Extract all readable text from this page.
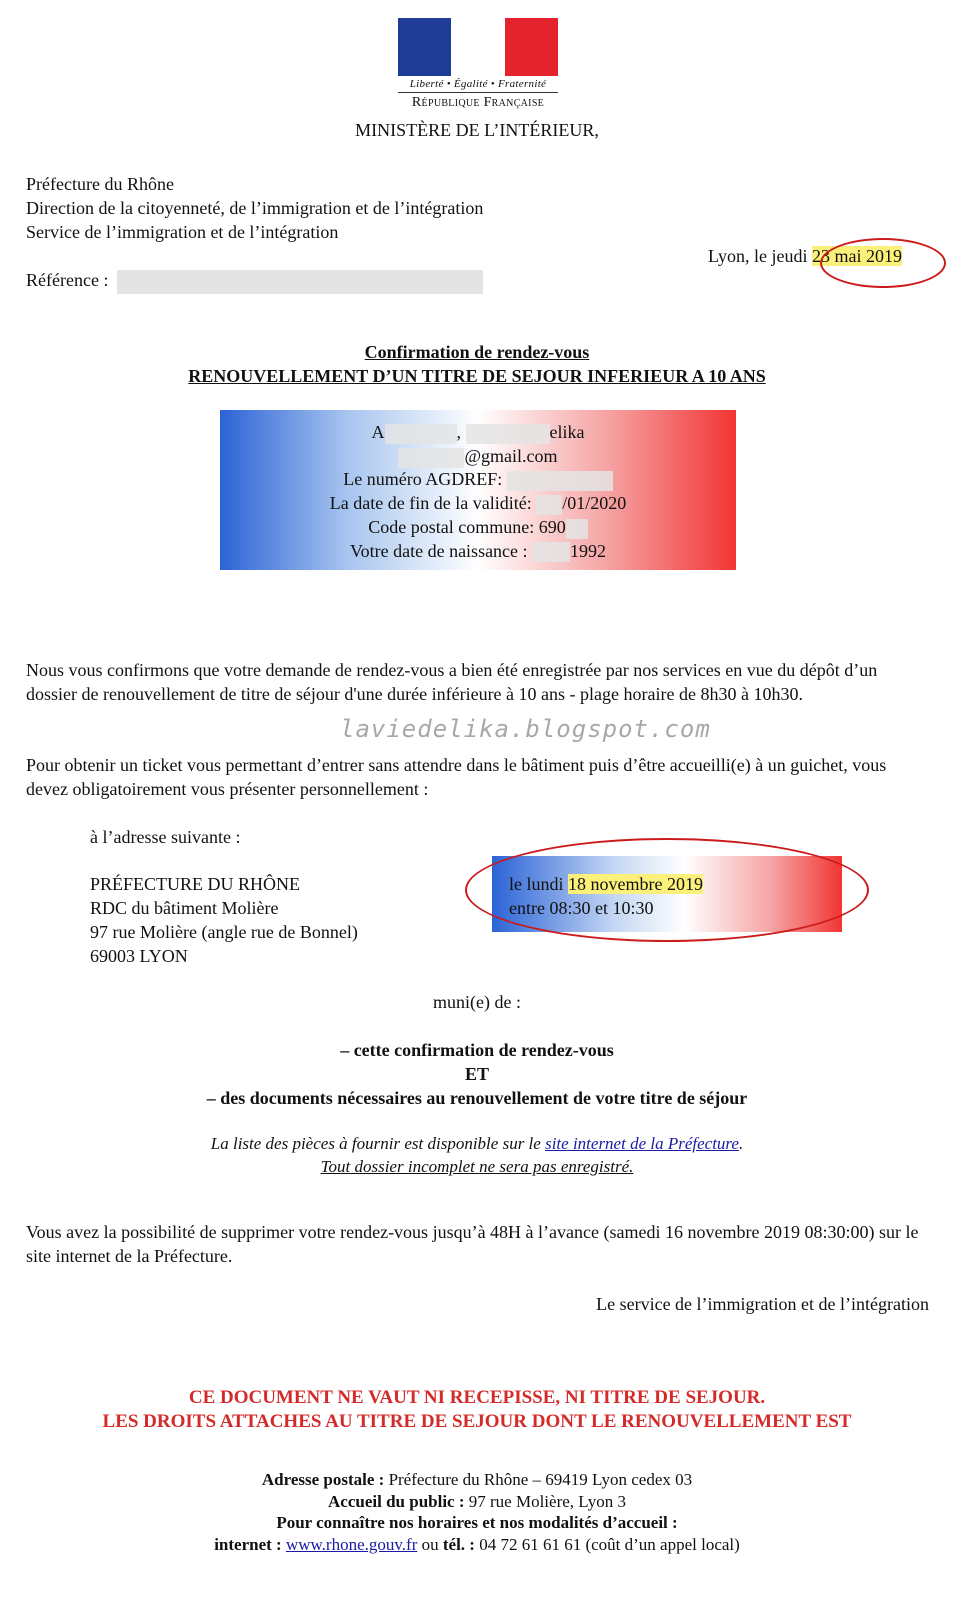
Liberté • Égalité • Fraternité
République Française
MINISTÈRE DE L’INTÉRIEUR,
Préfecture du Rhône
Direction de la citoyenneté, de l’immigration et de l’intégration
Service de l’immigration et de l’intégration
Référence :
Lyon, le jeudi 23 mai 2019
Confirmation de rendez-vous
RENOUVELLEMENT D’UN TITRE DE SEJOUR INFERIEUR A 10 ANS
A	,	elika
@gmail.com
Le numéro AGDREF:
La date de fin de la validité: /01/2020
Code postal commune: 690
Votre date de naissance : 1992
Nous vous confirmons que votre demande de rendez-vous a bien été enregistrée par nos services en vue du dépôt d’un dossier de renouvellement de titre de séjour d'une durée inférieure à 10 ans - plage horaire de 8h30 à 10h30.
laviedelika.blogspot.com
Pour obtenir un ticket vous permettant d’entrer sans attendre dans le bâtiment puis d’être accueilli(e) à un guichet, vous devez obligatoirement vous présenter personnellement :
à l’adresse suivante :
PRÉFECTURE DU RHÔNE
RDC du bâtiment Molière
97 rue Molière (angle rue de Bonnel)
69003 LYON
le lundi 18 novembre 2019
entre 08:30 et 10:30
muni(e) de :
– cette confirmation de rendez-vous
ET
– des documents nécessaires au renouvellement de votre titre de séjour
La liste des pièces à fournir est disponible sur le site internet de la Préfecture.
Tout dossier incomplet ne sera pas enregistré.
Vous avez la possibilité de supprimer votre rendez-vous jusqu’à 48H à l’avance (samedi 16 novembre 2019 08:30:00) sur le site internet de la Préfecture.
Le service de l’immigration et de l’intégration
CE DOCUMENT NE VAUT NI RECEPISSE, NI TITRE DE SEJOUR.
LES DROITS ATTACHES AU TITRE DE SEJOUR DONT LE RENOUVELLEMENT EST
Adresse postale : Préfecture du Rhône – 69419 Lyon cedex 03
Accueil du public : 97 rue Molière, Lyon 3
Pour connaître nos horaires et nos modalités d’accueil :
internet : www.rhone.gouv.fr ou tél. : 04 72 61 61 61 (coût d’un appel local)
